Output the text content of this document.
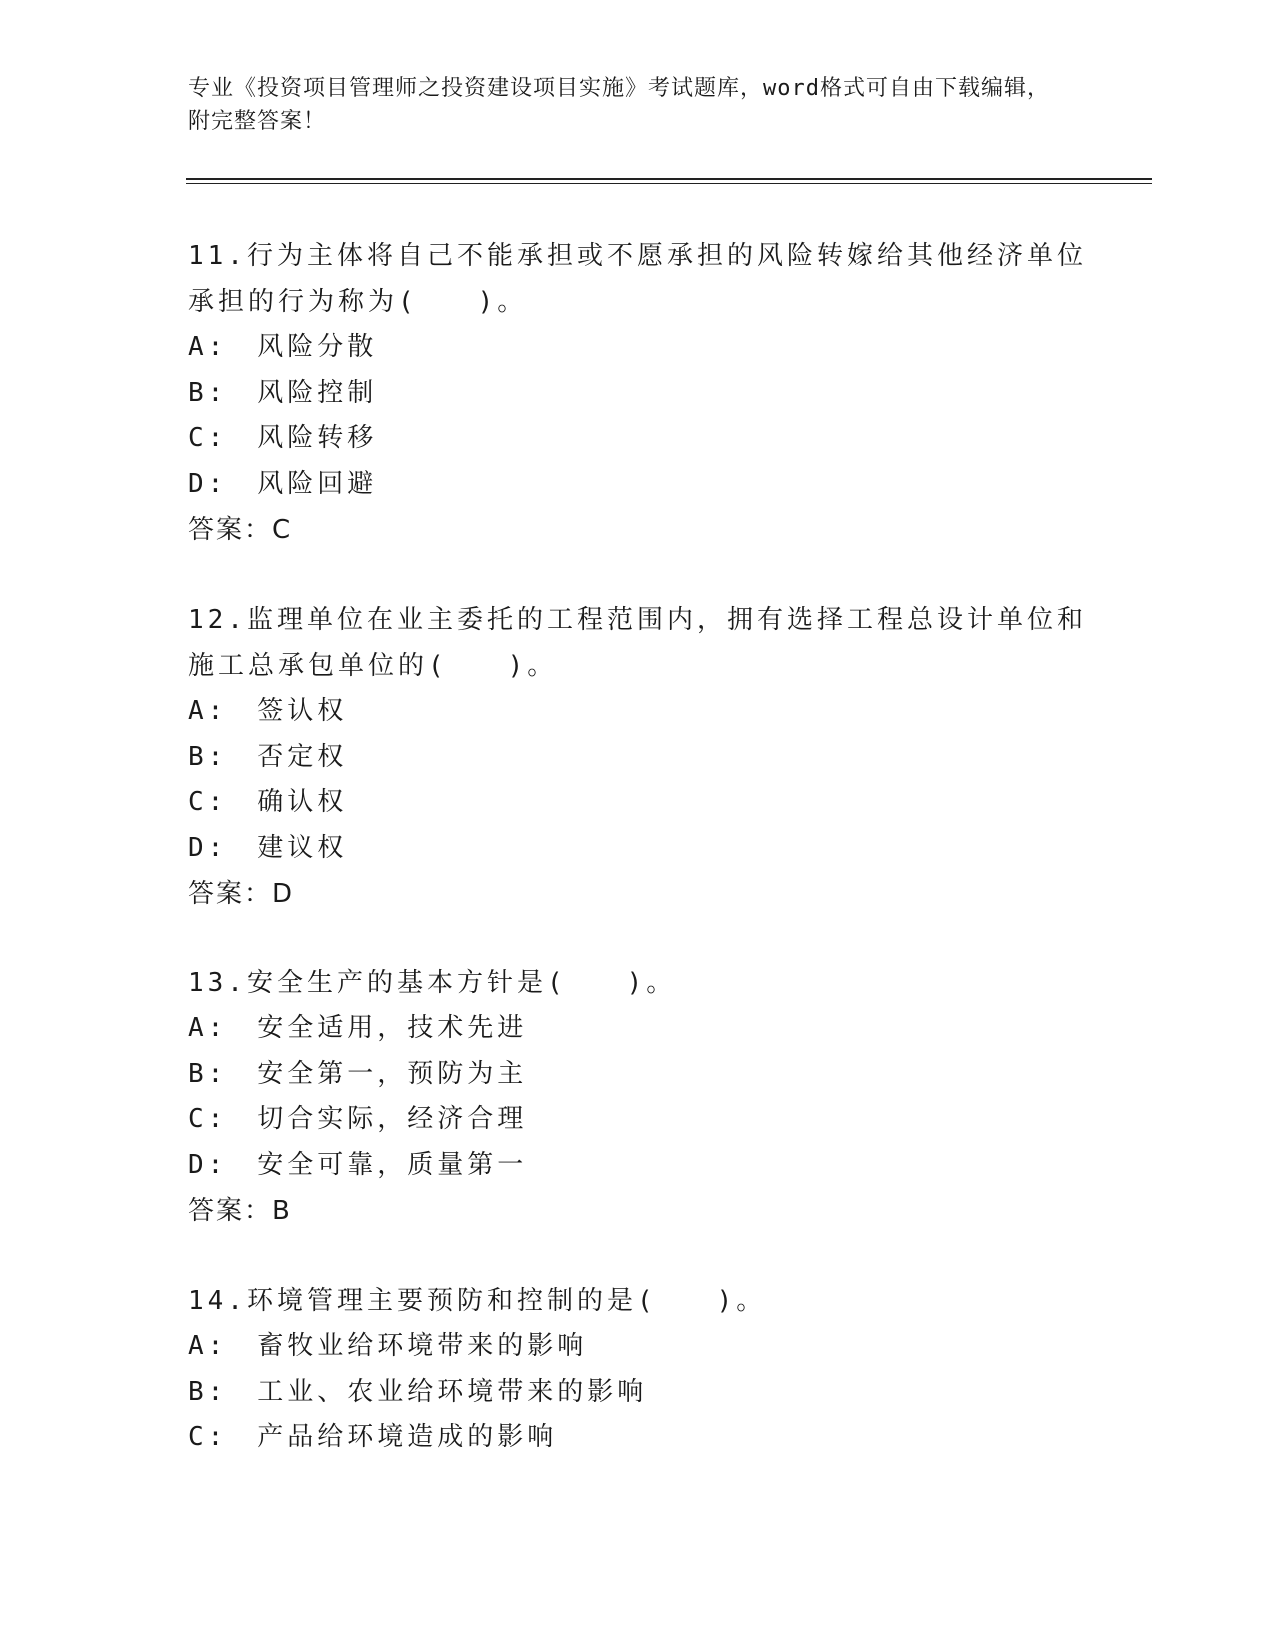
专业《投资项目管理师之投资建设项目实施》考试题库，word格式可自由下载编辑，附完整答案！
11.行为主体将自己不能承担或不愿承担的风险转嫁给其他经济单位承担的行为称为(　　)。
A:　风险分散
B:　风险控制
C:　风险转移
D:　风险回避
答案：C
12.监理单位在业主委托的工程范围内，拥有选择工程总设计单位和施工总承包单位的(　　)。
A:　签认权
B:　否定权
C:　确认权
D:　建议权
答案：D
13.安全生产的基本方针是(　　)。
A:　安全适用，技术先进
B:　安全第一，预防为主
C:　切合实际，经济合理
D:　安全可靠，质量第一
答案：B
14.环境管理主要预防和控制的是(　　)。
A:　畜牧业给环境带来的影响
B:　工业、农业给环境带来的影响
C:　产品给环境造成的影响
